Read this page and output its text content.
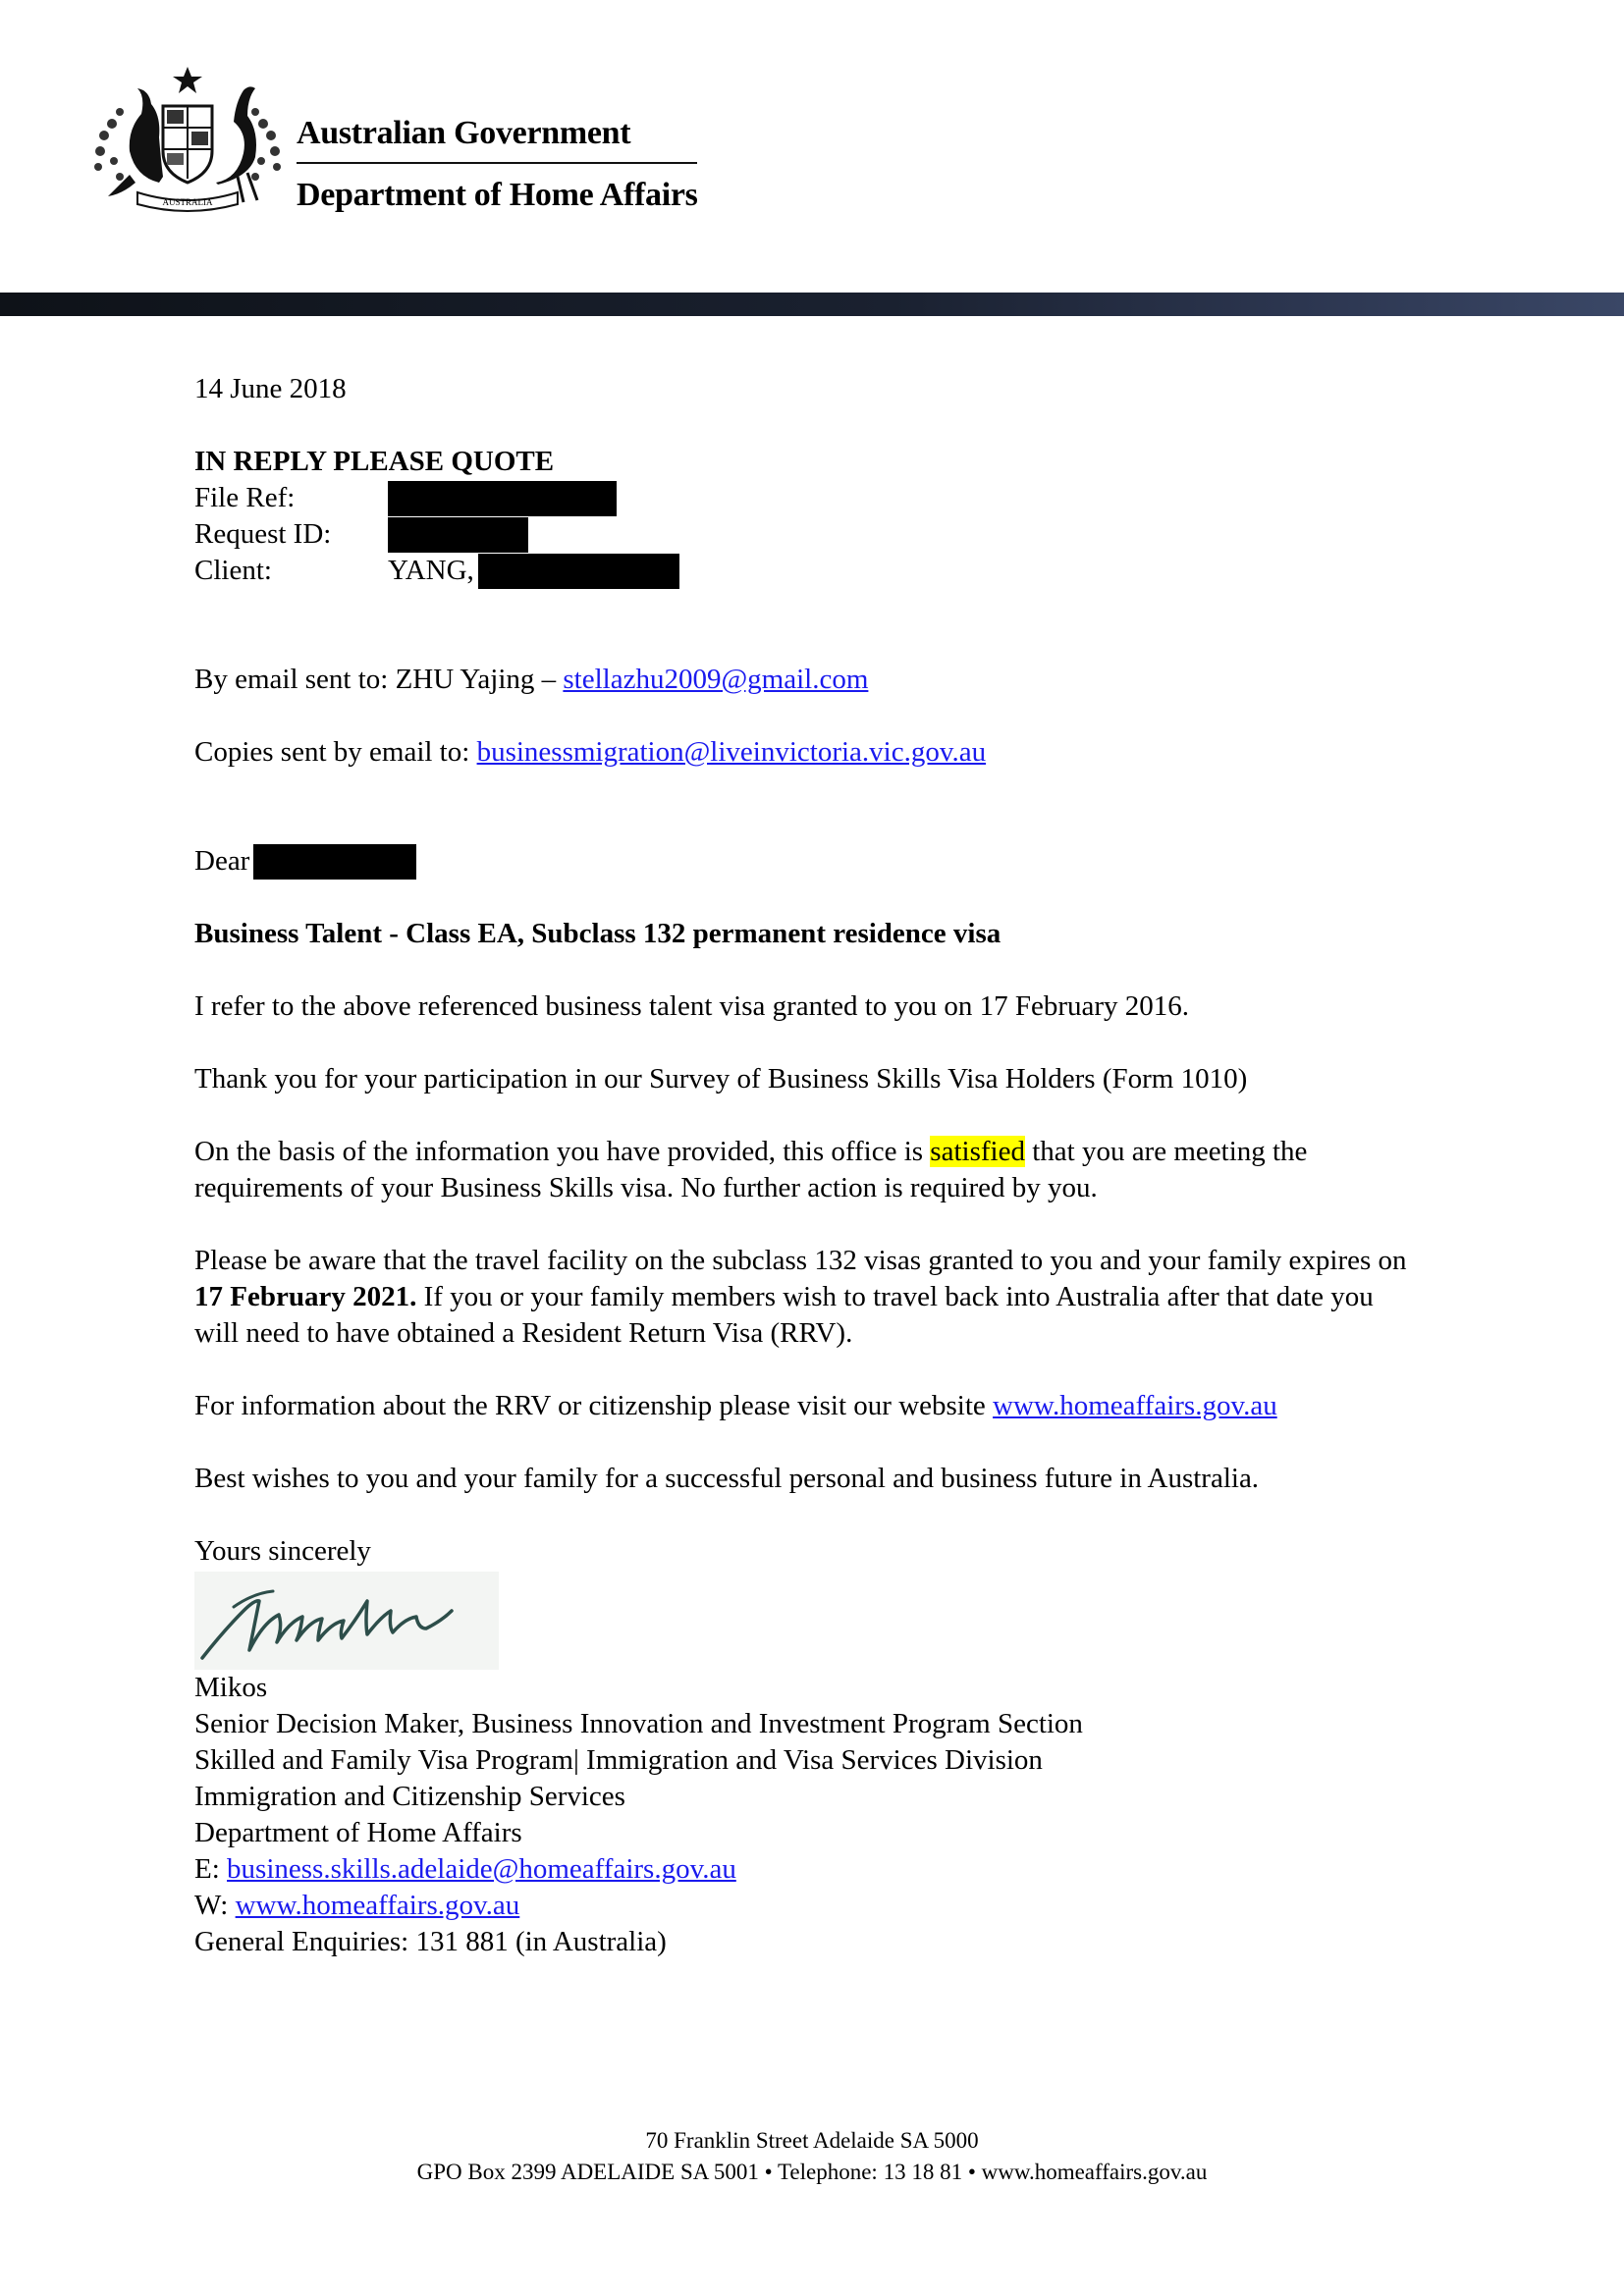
AUSTRALIA
Australian Government
Department of Home Affairs

14 June 2018

IN REPLY PLEASE QUOTE

File Ref:
Request ID:
Client:	YANG,

By email sent to: ZHU Yajing – stellazhu2009@gmail.com

Copies sent by email to: businessmigration@liveinvictoria.vic.gov.au

Dear

Business Talent - Class EA, Subclass 132 permanent residence visa

I refer to the above referenced business talent visa granted to you on 17 February 2016.

Thank you for your participation in our Survey of Business Skills Visa Holders (Form 1010)

On the basis of the information you have provided, this office is satisfied that you are meeting the requirements of your Business Skills visa. No further action is required by you.

Please be aware that the travel facility on the subclass 132 visas granted to you and your family expires on 17 February 2021. If you or your family members wish to travel back into Australia after that date you will need to have obtained a Resident Return Visa (RRV).

For information about the RRV or citizenship please visit our website www.homeaffairs.gov.au

Best wishes to you and your family for a successful personal and business future in Australia.

Yours sincerely

Mikos

Senior Decision Maker, Business Innovation and Investment Program Section

Skilled and Family Visa Program| Immigration and Visa Services Division

Immigration and Citizenship Services

Department of Home Affairs

E: business.skills.adelaide@homeaffairs.gov.au

W: www.homeaffairs.gov.au

General Enquiries: 131 881 (in Australia)

70 Franklin Street Adelaide SA 5000

GPO Box 2399 ADELAIDE SA 5001 • Telephone: 13 18 81 • www.homeaffairs.gov.au
